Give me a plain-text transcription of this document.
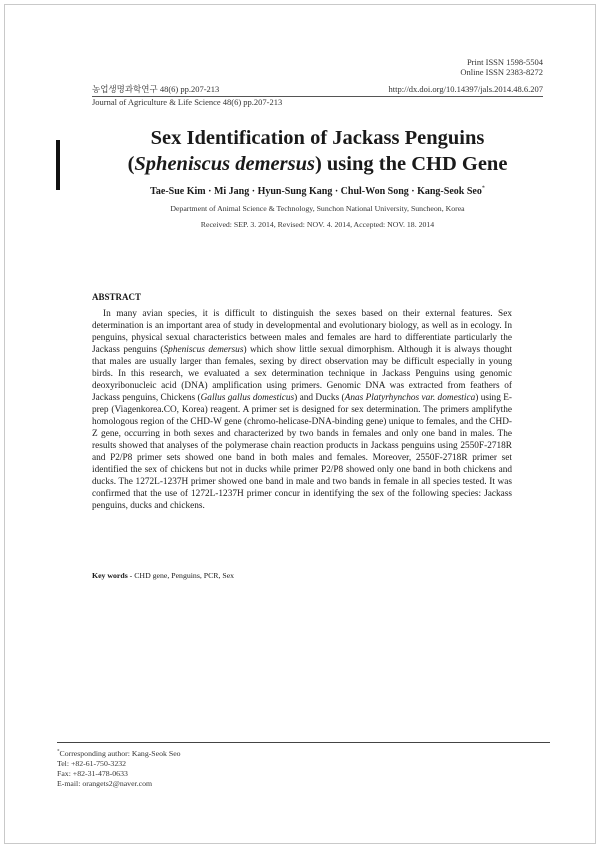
Print ISSN 1598-5504
Online ISSN 2383-8272
농업생명과학연구 48(6) pp.207-213	http://dx.doi.org/10.14397/jals.2014.48.6.207
Journal of Agriculture & Life Science 48(6) pp.207-213
Sex Identification of Jackass Penguins
(Spheniscus demersus) using the CHD Gene
Tae-Sue Kim · Mi Jang · Hyun-Sung Kang · Chul-Won Song · Kang-Seok Seo*
Department of Animal Science & Technology, Sunchon National University, Suncheon, Korea
Received: SEP. 3. 2014, Revised: NOV. 4. 2014, Accepted: NOV. 18. 2014
ABSTRACT

In many avian species, it is difficult to distinguish the sexes based on their external features. Sex determination is an important area of study in developmental and evolutionary biology, as well as in ecology. In penguins, physical sexual characteristics between males and females are hard to differentiate particularly the Jackass penguins (Spheniscus demersus) which show little sexual dimorphism. Although it is always thought that males are usually larger than females, sexing by direct observation may be difficult especially in young birds. In this research, we evaluated a sex determination technique in Jackass Penguins using genomic deoxyribonucleic acid (DNA) amplification using primers. Genomic DNA was extracted from feathers of Jackass penguins, Chickens (Gallus gallus domesticus) and Ducks (Anas Platyrhynchos var. domestica) using E-prep (Viagenkorea.CO, Korea) reagent. A primer set is designed for sex determination. The primers amplifythe homologous region of the CHD-W gene (chromo-helicase-DNA-binding gene) unique to females, and the CHD-Z gene, occurring in both sexes and characterized by two bands in females and only one band in males. The results showed that analyses of the polymerase chain reaction products in Jackass penguins using 2550F-2718R and P2/P8 primer sets showed one band in both males and females. Moreover, 2550F-2718R primer set identified the sex of chickens but not in ducks while primer P2/P8 showed only one band in both chickens and ducks. The 1272L-1237H primer showed one band in male and two bands in female in all species tested. It was confirmed that the use of 1272L-1237H primer concur in identifying the sex of the following species: Jackass penguins, ducks and chickens.

Key words - CHD gene, Penguins, PCR, Sex
*Corresponding author: Kang-Seok Seo
Tel: +82-61-750-3232
Fax: +82-31-478-0633
E-mail: orangets2@naver.com
